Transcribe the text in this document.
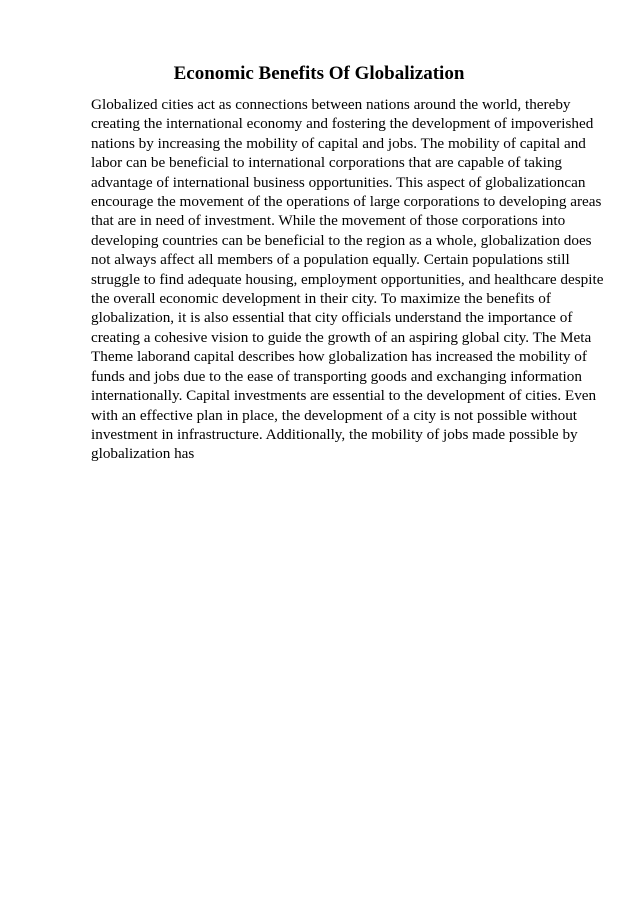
Economic Benefits Of Globalization
Globalized cities act as connections between nations around the world, thereby
creating the international economy and fostering the development of impoverished
nations by increasing the mobility of capital and jobs. The mobility of capital and
labor can be beneficial to international corporations that are capable of taking
advantage of international business opportunities. This aspect of globalizationcan
encourage the movement of the operations of large corporations to developing areas
that are in need of investment. While the movement of those corporations into
developing countries can be beneficial to the region as a whole, globalization does
not always affect all members of a population equally. Certain populations still
struggle to find adequate housing, employment opportunities, and healthcare despite
the overall economic development in their city. To maximize the benefits of
globalization, it is also essential that city officials understand the importance of
creating a cohesive vision to guide the growth of an aspiring global city. The Meta
Theme laborand capital describes how globalization has increased the mobility of
funds and jobs due to the ease of transporting goods and exchanging information
internationally. Capital investments are essential to the development of cities. Even
with an effective plan in place, the development of a city is not possible without
investment in infrastructure. Additionally, the mobility of jobs made possible by
globalization has
